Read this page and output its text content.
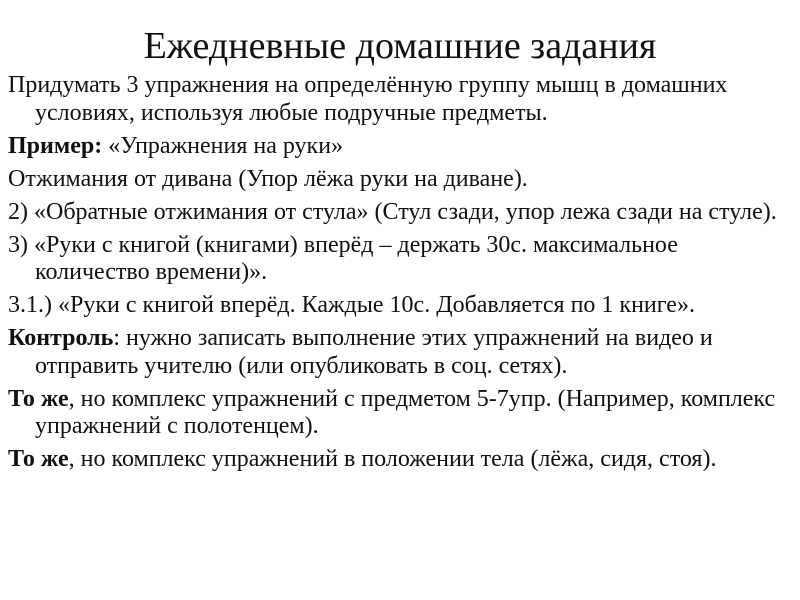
Ежедневные домашние задания

Придумать 3 упражнения на определённую группу мышц в домашних условиях, используя любые подручные предметы.

Пример: «Упражнения на руки»

Отжимания от дивана (Упор лёжа руки на диване).

2) «Обратные отжимания от стула» (Стул сзади, упор лежа сзади на стуле).

3) «Руки с книгой (книгами) вперёд – держать 30с. максимальное количество времени)».

3.1.) «Руки с книгой вперёд. Каждые 10с. Добавляется по 1 книге».

Контроль: нужно записать выполнение этих упражнений на видео и отправить учителю (или опубликовать в соц. сетях).

То же, но комплекс упражнений с предметом 5-7упр. (Например, комплекс упражнений с полотенцем).

То же, но комплекс упражнений в положении тела (лёжа, сидя, стоя).
